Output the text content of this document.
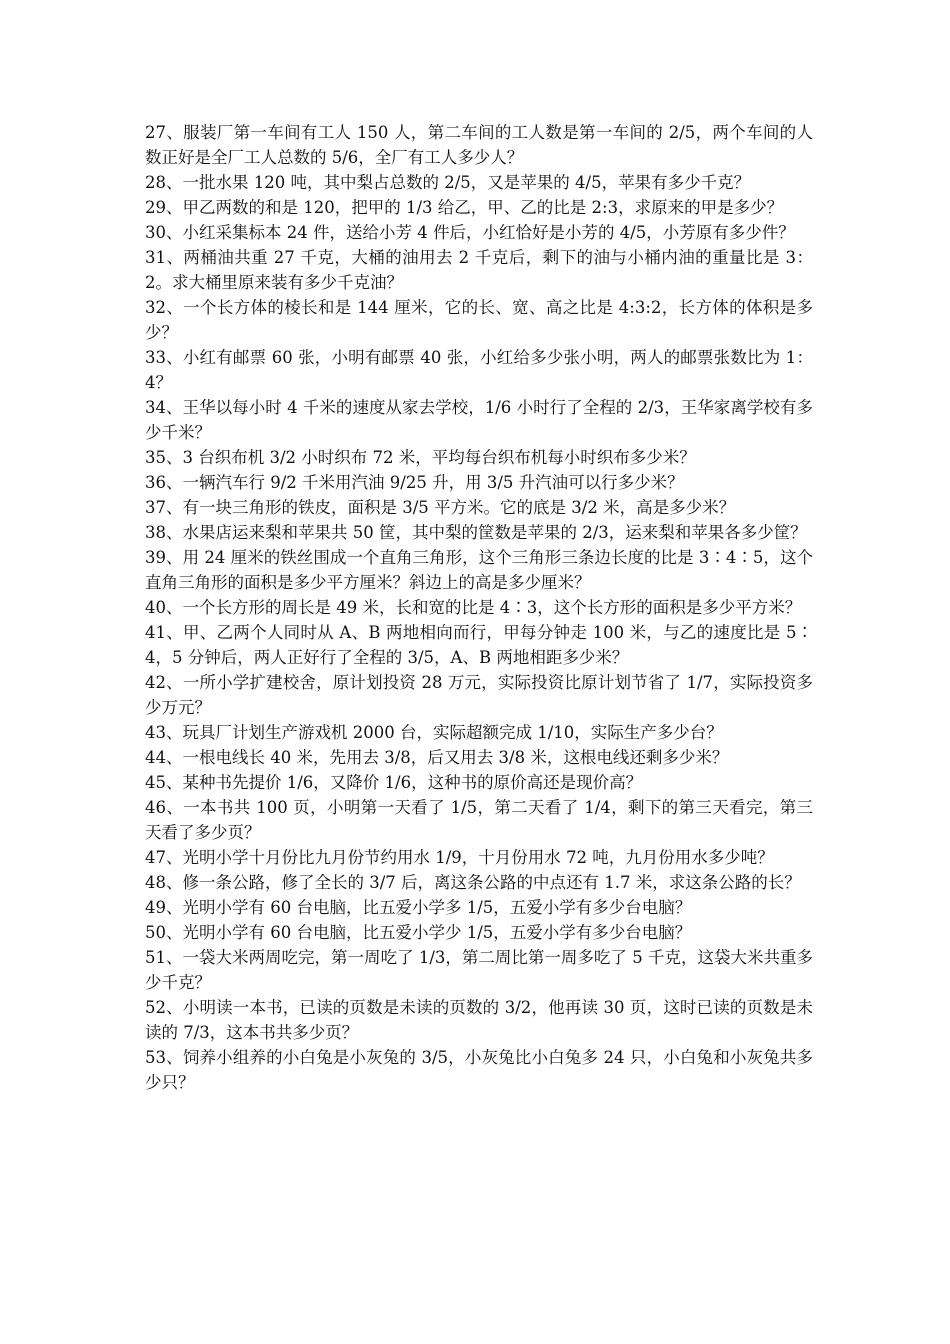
27、服装厂第一车间有工人 150 人，第二车间的工人数是第一车间的 2/5，两个车间的人数正好是全厂工人总数的 5/6，全厂有工人多少人？

28、一批水果 120 吨，其中梨占总数的 2/5，又是苹果的 4/5，苹果有多少千克？

29、甲乙两数的和是 120，把甲的 1/3 给乙，甲、乙的比是 2:3，求原来的甲是多少？

30、小红采集标本 24 件，送给小芳 4 件后，小红恰好是小芳的 4/5，小芳原有多少件？

31、两桶油共重 27 千克，大桶的油用去 2 千克后，剩下的油与小桶内油的重量比是 3：2。求大桶里原来装有多少千克油？

32、一个长方体的棱长和是 144 厘米，它的长、宽、高之比是 4:3:2，长方体的体积是多少？

33、小红有邮票 60 张，小明有邮票 40 张，小红给多少张小明，两人的邮票张数比为 1：4？

34、王华以每小时 4 千米的速度从家去学校，1/6 小时行了全程的 2/3，王华家离学校有多少千米？

35、3 台织布机 3/2 小时织布 72 米，平均每台织布机每小时织布多少米？

36、一辆汽车行 9/2 千米用汽油 9/25 升，用 3/5 升汽油可以行多少米？

37、有一块三角形的铁皮，面积是 3/5 平方米。它的底是 3/2 米，高是多少米？

38、水果店运来梨和苹果共 50 筐，其中梨的筐数是苹果的 2/3，运来梨和苹果各多少筐？

39、用 24 厘米的铁丝围成一个直角三角形，这个三角形三条边长度的比是 3∶4∶5，这个直角三角形的面积是多少平方厘米？斜边上的高是多少厘米？

40、一个长方形的周长是 49 米，长和宽的比是 4∶3，这个长方形的面积是多少平方米？

41、甲、乙两个人同时从 A、B 两地相向而行，甲每分钟走 100 米，与乙的速度比是 5∶4，5 分钟后，两人正好行了全程的 3/5，A、B 两地相距多少米？

42、一所小学扩建校舍，原计划投资 28 万元，实际投资比原计划节省了 1/7，实际投资多少万元？

43、玩具厂计划生产游戏机 2000 台，实际超额完成 1/10，实际生产多少台？

44、一根电线长 40 米，先用去 3/8，后又用去 3/8 米，这根电线还剩多少米？

45、某种书先提价 1/6，又降价 1/6，这种书的原价高还是现价高？

46、一本书共 100 页，小明第一天看了 1/5，第二天看了 1/4，剩下的第三天看完，第三天看了多少页？

47、光明小学十月份比九月份节约用水 1/9，十月份用水 72 吨，九月份用水多少吨？

48、修一条公路，修了全长的 3/7 后，离这条公路的中点还有 1.7 米，求这条公路的长？

49、光明小学有 60 台电脑，比五爱小学多 1/5，五爱小学有多少台电脑？

50、光明小学有 60 台电脑，比五爱小学少 1/5，五爱小学有多少台电脑？

51、一袋大米两周吃完，第一周吃了 1/3，第二周比第一周多吃了 5 千克，这袋大米共重多少千克？

52、小明读一本书，已读的页数是未读的页数的 3/2，他再读 30 页，这时已读的页数是未读的 7/3，这本书共多少页？

53、饲养小组养的小白兔是小灰兔的 3/5，小灰兔比小白兔多 24 只，小白兔和小灰兔共多少只？
